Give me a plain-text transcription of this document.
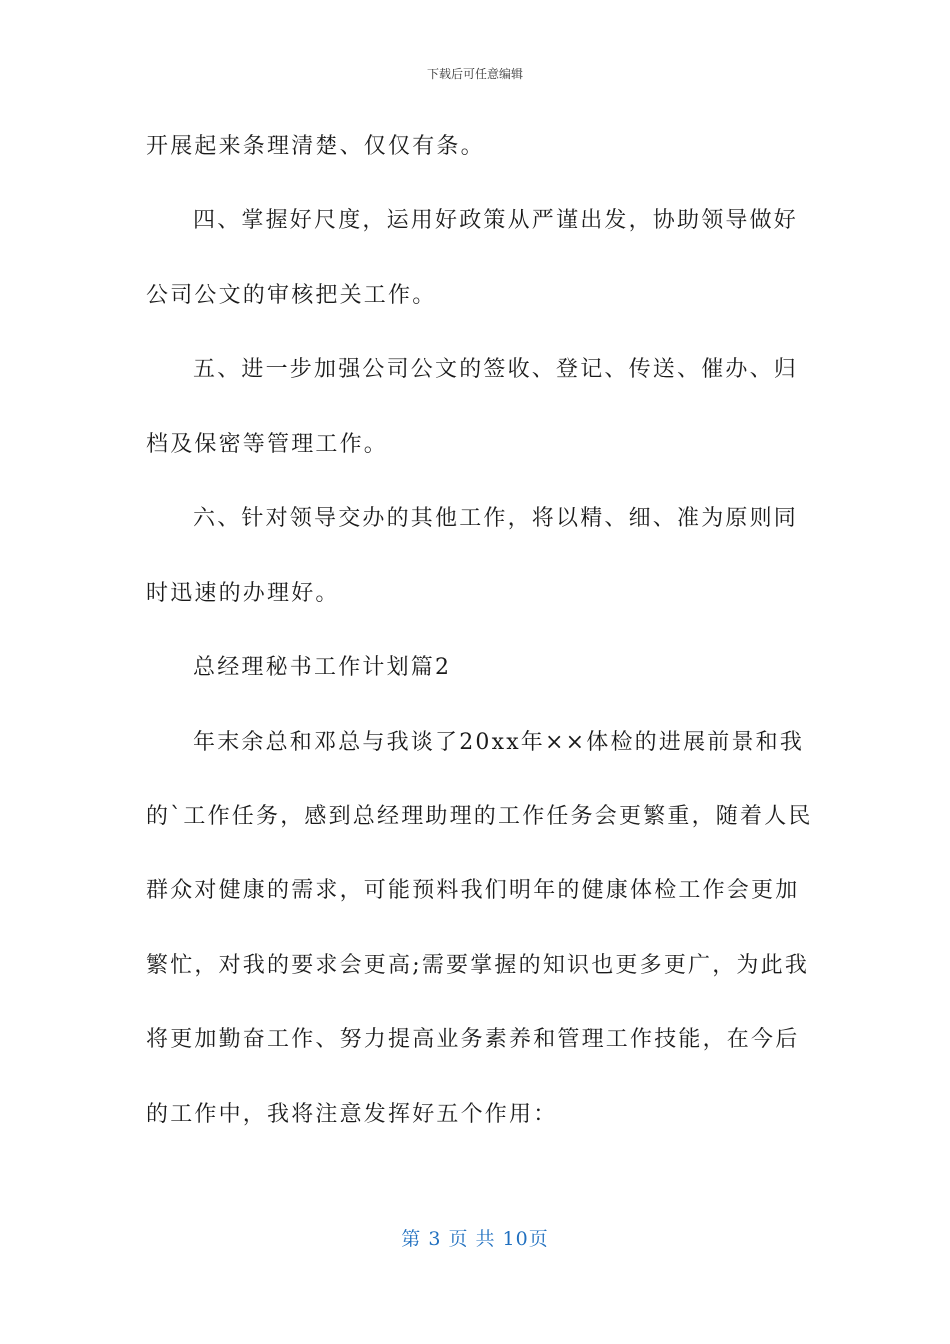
下载后可任意编辑
开展起来条理清楚、仅仅有条。
四、掌握好尺度，运用好政策从严谨出发，协助领导做好
公司公文的审核把关工作。
五、进一步加强公司公文的签收、登记、传送、催办、归
档及保密等管理工作。
六、针对领导交办的其他工作，将以精、细、准为原则同
时迅速的办理好。
总经理秘书工作计划篇2
年末余总和邓总与我谈了20xx年××体检的进展前景和我
的`工作任务，感到总经理助理的工作任务会更繁重，随着人民
群众对健康的需求，可能预料我们明年的健康体检工作会更加
繁忙，对我的要求会更高;需要掌握的知识也更多更广，为此我
将更加勤奋工作、努力提高业务素养和管理工作技能，在今后
的工作中，我将注意发挥好五个作用：
第 3 页 共 10页
